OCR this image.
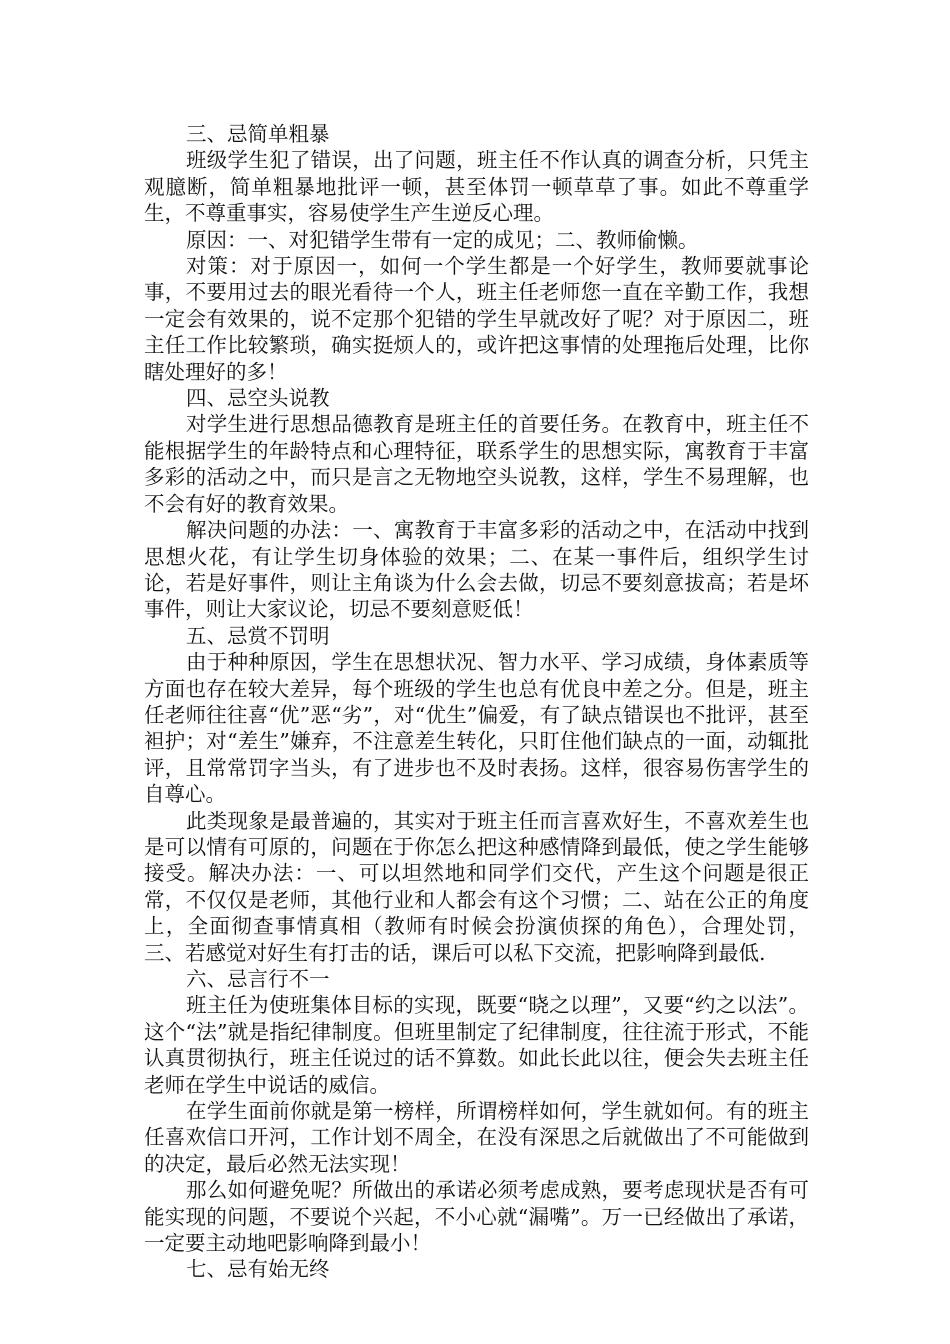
三、忌简单粗暴

班级学生犯了错误，出了问题，班主任不作认真的调查分析，只凭主观臆断，简单粗暴地批评一顿，甚至体罚一顿草草了事。如此不尊重学生，不尊重事实，容易使学生产生逆反心理。

原因：一、对犯错学生带有一定的成见；二、教师偷懒。

对策：对于原因一，如何一个学生都是一个好学生，教师要就事论事，不要用过去的眼光看待一个人，班主任老师您一直在辛勤工作，我想一定会有效果的，说不定那个犯错的学生早就改好了呢？对于原因二，班主任工作比较繁琐，确实挺烦人的，或许把这事情的处理拖后处理，比你瞎处理好的多！

四、忌空头说教

对学生进行思想品德教育是班主任的首要任务。在教育中，班主任不能根据学生的年龄特点和心理特征，联系学生的思想实际，寓教育于丰富多彩的活动之中，而只是言之无物地空头说教，这样，学生不易理解，也不会有好的教育效果。

解决问题的办法：一、寓教育于丰富多彩的活动之中，在活动中找到思想火花，有让学生切身体验的效果；二、在某一事件后，组织学生讨论，若是好事件，则让主角谈为什么会去做，切忌不要刻意拔高；若是坏事件，则让大家议论，切忌不要刻意贬低！

五、忌赏不罚明

由于种种原因，学生在思想状况、智力水平、学习成绩，身体素质等方面也存在较大差异，每个班级的学生也总有优良中差之分。但是，班主任老师往往喜“优”恶“劣”，对“优生”偏爱，有了缺点错误也不批评，甚至袒护；对“差生”嫌弃，不注意差生转化，只盯住他们缺点的一面，动辄批评，且常常罚字当头，有了进步也不及时表扬。这样，很容易伤害学生的自尊心。

此类现象是最普遍的，其实对于班主任而言喜欢好生，不喜欢差生也是可以情有可原的，问题在于你怎么把这种感情降到最低，使之学生能够接受。解决办法：一、可以坦然地和同学们交代，产生这个问题是很正常，不仅仅是老师，其他行业和人都会有这个习惯；二、站在公正的角度上，全面彻查事情真相（教师有时候会扮演侦探的角色），合理处罚，三、若感觉对好生有打击的话，课后可以私下交流，把影响降到最低.

六、忌言行不一

班主任为使班集体目标的实现，既要“晓之以理”，又要“约之以法”。这个“法”就是指纪律制度。但班里制定了纪律制度，往往流于形式，不能认真贯彻执行，班主任说过的话不算数。如此长此以往，便会失去班主任老师在学生中说话的威信。

在学生面前你就是第一榜样，所谓榜样如何，学生就如何。有的班主任喜欢信口开河，工作计划不周全，在没有深思之后就做出了不可能做到的决定，最后必然无法实现！

那么如何避免呢？所做出的承诺必须考虑成熟，要考虑现状是否有可能实现的问题，不要说个兴起，不小心就“漏嘴”。万一已经做出了承诺，一定要主动地吧影响降到最小！

七、忌有始无终
